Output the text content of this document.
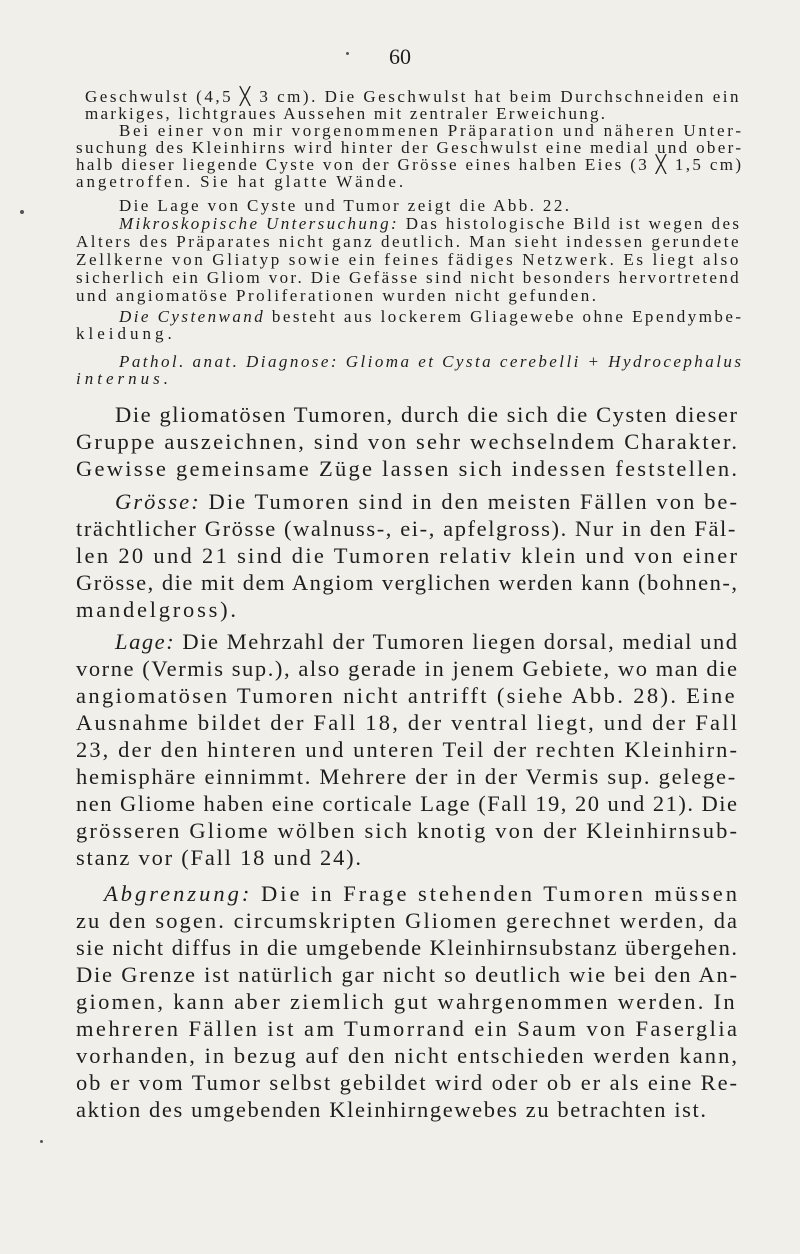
60
Geschwulst (4,5 ╳ 3 cm). Die Geschwulst hat beim Durchschneiden ein
markiges, lichtgraues Aussehen mit zentraler Erweichung.
Bei einer von mir vorgenommenen Präparation und näheren Unter-
suchung des Kleinhirns wird hinter der Geschwulst eine medial und ober-
halb dieser liegende Cyste von der Grösse eines halben Eies (3 ╳ 1,5 cm)
angetroffen. Sie hat glatte Wände.
Die Lage von Cyste und Tumor zeigt die Abb. 22.
Mikroskopische Untersuchung: Das histologische Bild ist wegen des
Alters des Präparates nicht ganz deutlich. Man sieht indessen gerundete
Zellkerne von Gliatyp sowie ein feines fädiges Netzwerk. Es liegt also
sicherlich ein Gliom vor. Die Gefässe sind nicht besonders hervortretend
und angiomatöse Proliferationen wurden nicht gefunden.
Die Cystenwand besteht aus lockerem Gliagewebe ohne Ependymbe-
kleidung.
Pathol. anat. Diagnose: Glioma et Cysta cerebelli + Hydrocephalus
internus.
Die gliomatösen Tumoren, durch die sich die Cysten dieser
Gruppe auszeichnen, sind von sehr wechselndem Charakter.
Gewisse gemeinsame Züge lassen sich indessen feststellen.
Grösse: Die Tumoren sind in den meisten Fällen von be-
trächtlicher Grösse (walnuss-, ei-, apfelgross). Nur in den Fäl-
len 20 und 21 sind die Tumoren relativ klein und von einer
Grösse, die mit dem Angiom verglichen werden kann (bohnen-,
mandelgross).
Lage: Die Mehrzahl der Tumoren liegen dorsal, medial und
vorne (Vermis sup.), also gerade in jenem Gebiete, wo man die
angiomatösen Tumoren nicht antrifft (siehe Abb. 28). Eine
Ausnahme bildet der Fall 18, der ventral liegt, und der Fall
23, der den hinteren und unteren Teil der rechten Kleinhirn-
hemisphäre einnimmt. Mehrere der in der Vermis sup. gelege-
nen Gliome haben eine corticale Lage (Fall 19, 20 und 21). Die
grösseren Gliome wölben sich knotig von der Kleinhirnsub-
stanz vor (Fall 18 und 24).
Abgrenzung: Die in Frage stehenden Tumoren müssen
zu den sogen. circumskripten Gliomen gerechnet werden, da
sie nicht diffus in die umgebende Kleinhirnsubstanz übergehen.
Die Grenze ist natürlich gar nicht so deutlich wie bei den An-
giomen, kann aber ziemlich gut wahrgenommen werden. In
mehreren Fällen ist am Tumorrand ein Saum von Faserglia
vorhanden, in bezug auf den nicht entschieden werden kann,
ob er vom Tumor selbst gebildet wird oder ob er als eine Re-
aktion des umgebenden Kleinhirngewebes zu betrachten ist.
